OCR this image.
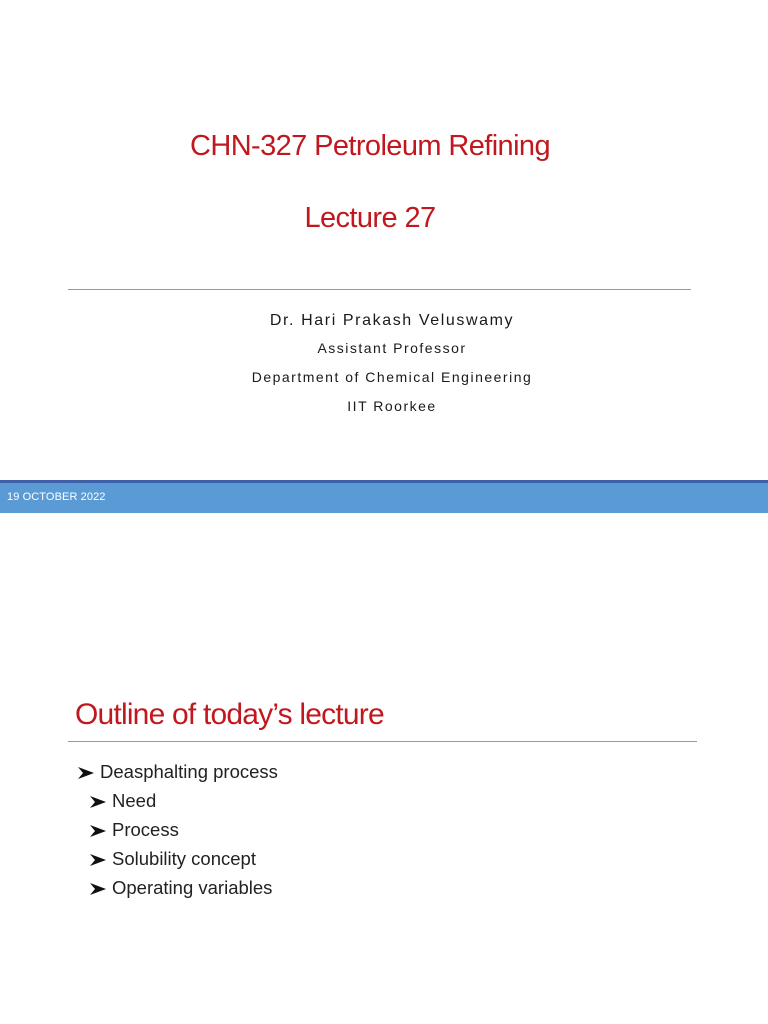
CHN-327 Petroleum Refining
Lecture 27
Dr. Hari Prakash Veluswamy
Assistant Professor
Department of Chemical Engineering
IIT Roorkee
19 OCTOBER 2022
Outline of today’s lecture
Deasphalting process
Need
Process
Solubility concept
Operating variables
